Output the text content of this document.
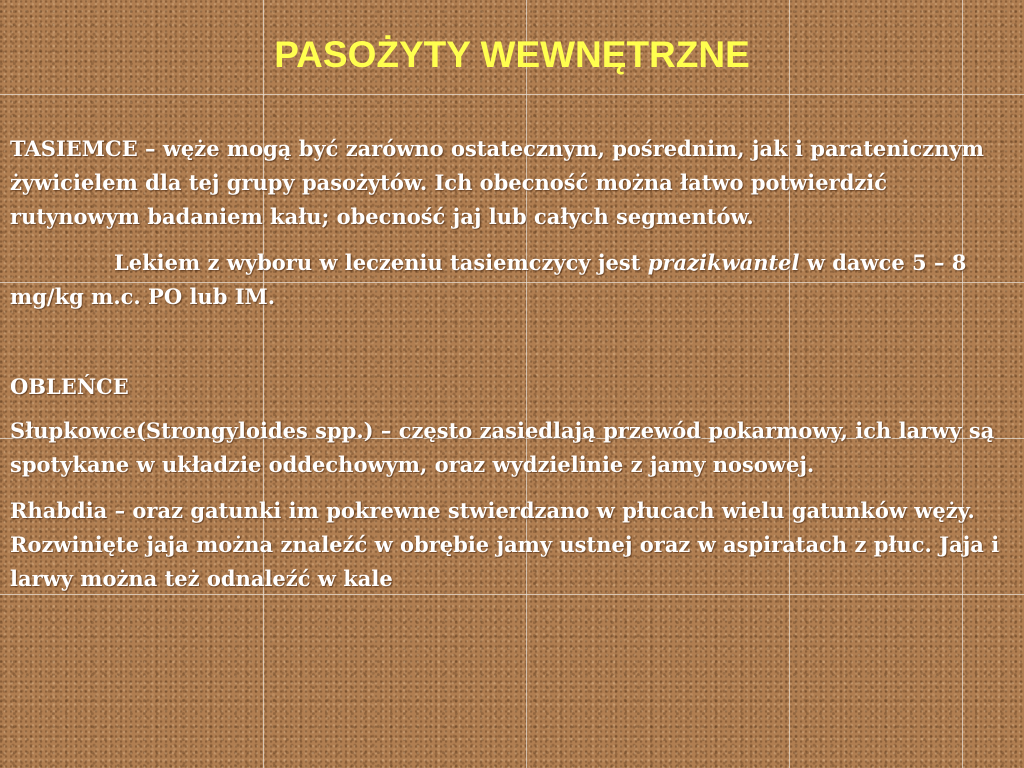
PASOŻYTY WEWNĘTRZNE

TASIEMCE – węże mogą być zarówno ostatecznym, pośrednim, jak i paratenicznym żywicielem dla tej grupy pasożytów. Ich obecność można łatwo potwierdzić rutynowym badaniem kału; obecność jaj lub całych segmentów.

Lekiem z wyboru w leczeniu tasiemczycy jest prazikwantel w dawce 5 – 8 mg/kg m.c. PO lub IM.

OBLEŃCE

Słupkowce(Strongyloides spp.) – często zasiedlają przewód pokarmowy, ich larwy są spotykane w układzie oddechowym, oraz wydzielinie z jamy nosowej.

Rhabdia – oraz gatunki im pokrewne stwierdzano w płucach wielu gatunków węży. Rozwinięte jaja można znaleźć w obrębie jamy ustnej oraz w aspiratach z płuc. Jaja i larwy można też odnaleźć w kale
